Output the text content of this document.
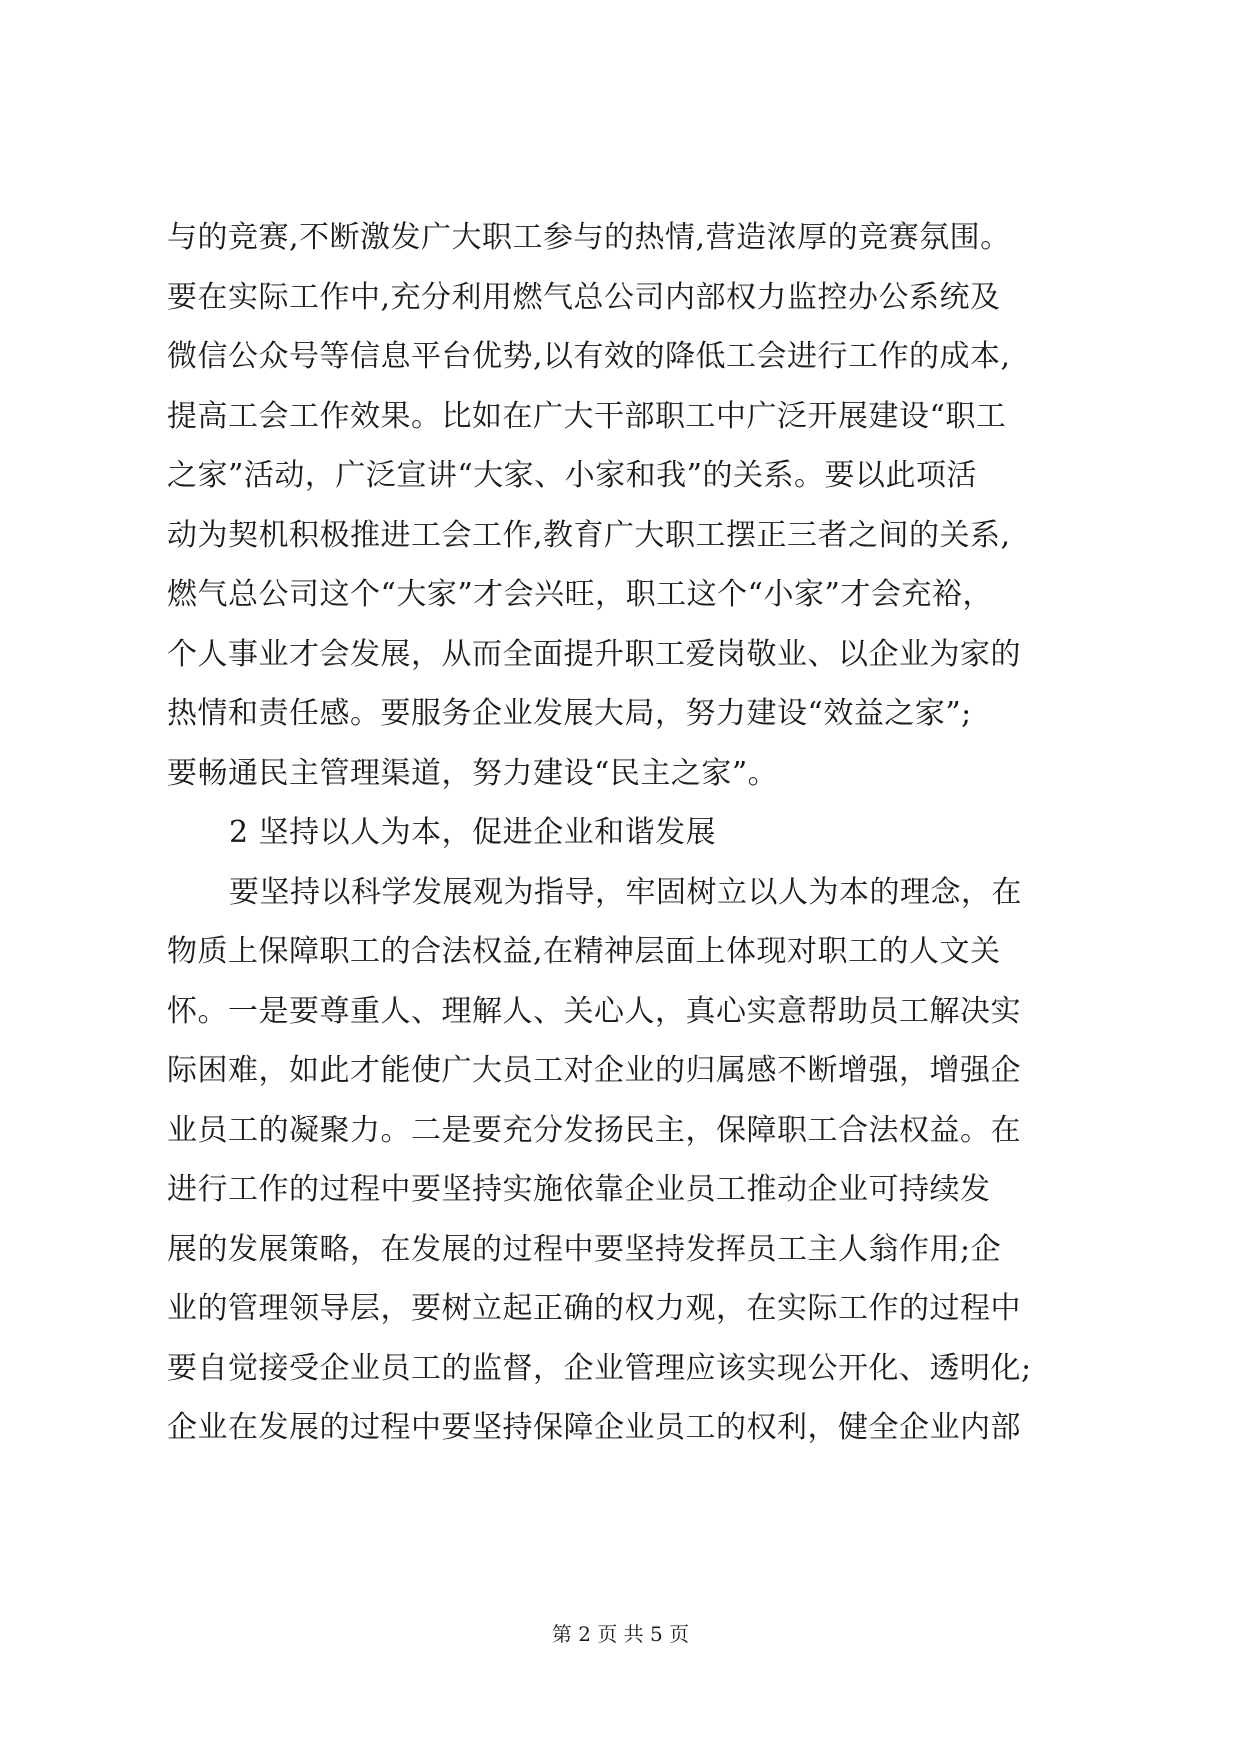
与的竞赛,不断激发广大职工参与的热情,营造浓厚的竞赛氛围。
要在实际工作中,充分利用燃气总公司内部权力监控办公系统及
微信公众号等信息平台优势,以有效的降低工会进行工作的成本,
提高工会工作效果。比如在广大干部职工中广泛开展建设“职工
之家”活动，广泛宣讲“大家、小家和我”的关系。要以此项活
动为契机积极推进工会工作,教育广大职工摆正三者之间的关系,
燃气总公司这个“大家”才会兴旺，职工这个“小家”才会充裕，
个人事业才会发展，从而全面提升职工爱岗敬业、以企业为家的
热情和责任感。要服务企业发展大局，努力建设“效益之家”;
要畅通民主管理渠道，努力建设“民主之家”。
2 坚持以人为本，促进企业和谐发展
要坚持以科学发展观为指导，牢固树立以人为本的理念，在
物质上保障职工的合法权益,在精神层面上体现对职工的人文关
怀。一是要尊重人、理解人、关心人，真心实意帮助员工解决实
际困难，如此才能使广大员工对企业的归属感不断增强，增强企
业员工的凝聚力。二是要充分发扬民主，保障职工合法权益。在
进行工作的过程中要坚持实施依靠企业员工推动企业可持续发
展的发展策略，在发展的过程中要坚持发挥员工主人翁作用;企
业的管理领导层，要树立起正确的权力观，在实际工作的过程中
要自觉接受企业员工的监督，企业管理应该实现公开化、透明化;
企业在发展的过程中要坚持保障企业员工的权利，健全企业内部
第 2 页 共 5 页
